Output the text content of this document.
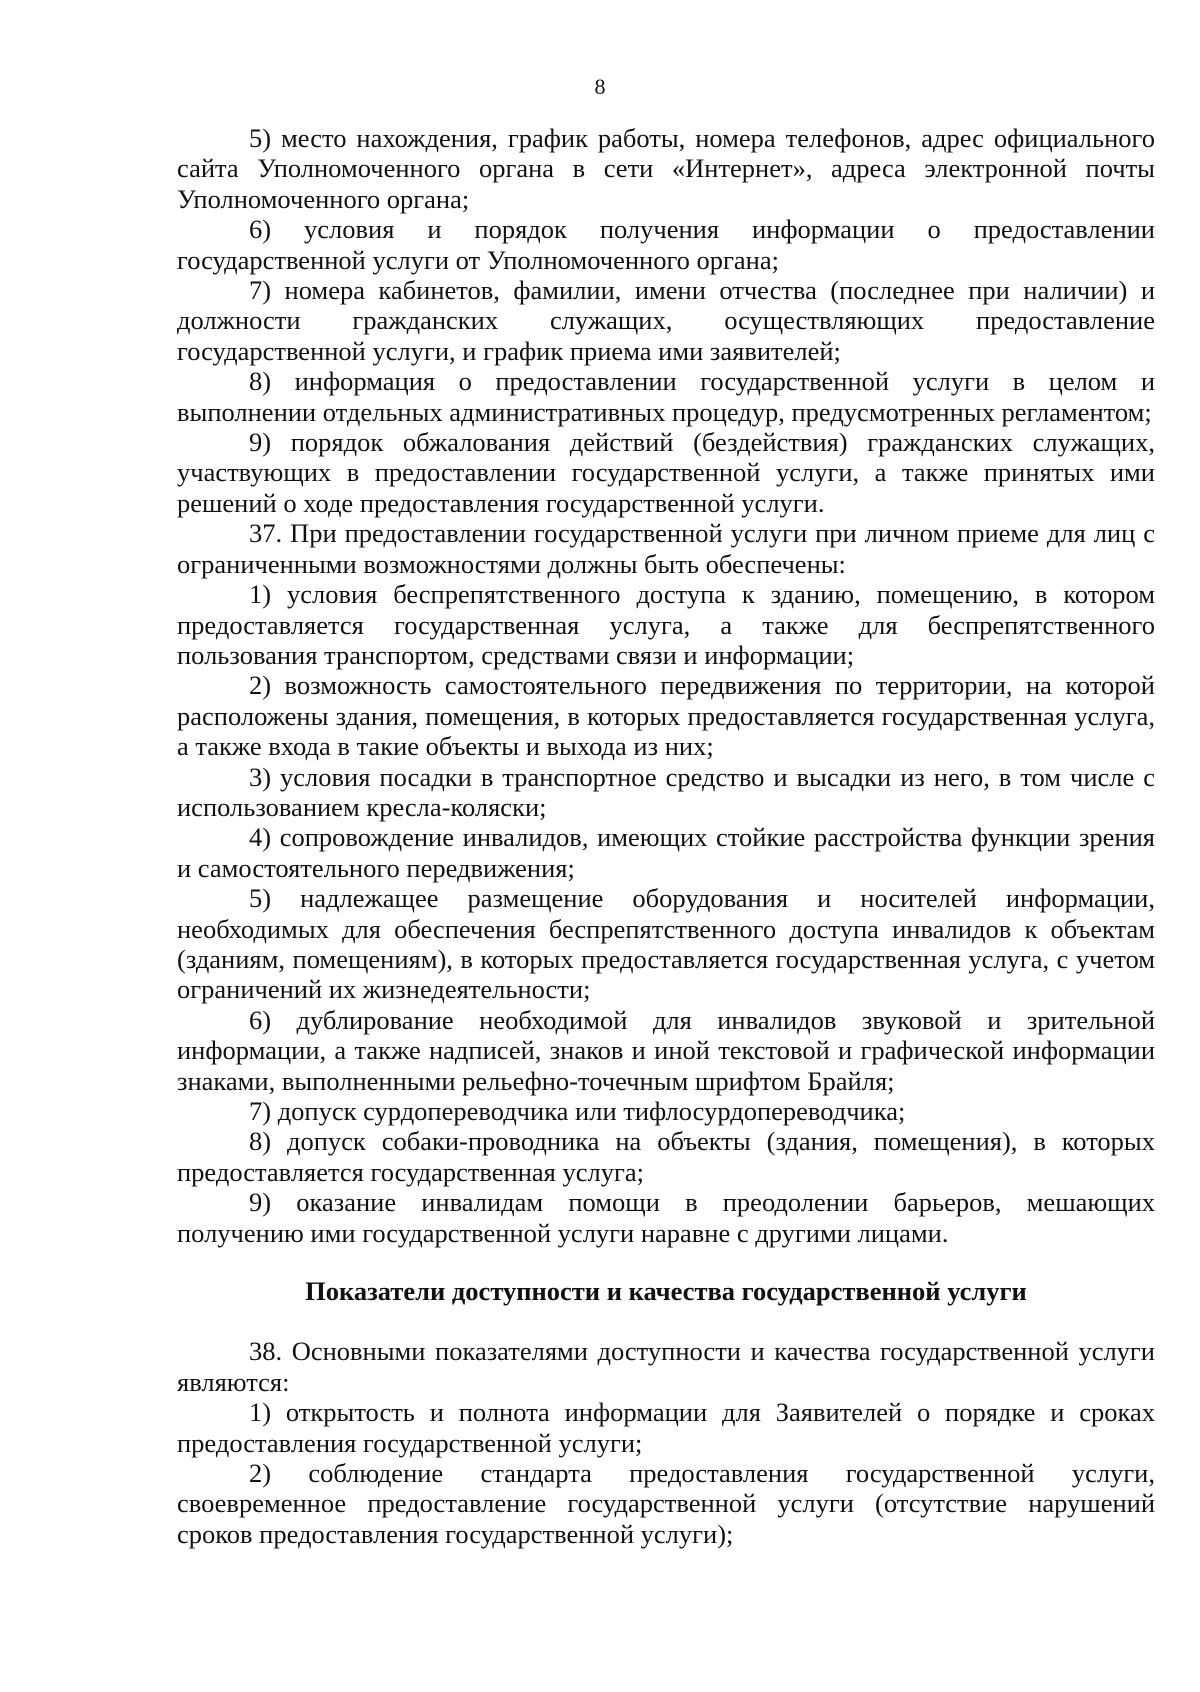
8

5) место нахождения, график работы, номера телефонов, адрес официального сайта Уполномоченного органа в сети «Интернет», адреса электронной почты Уполномоченного органа;

6) условия и порядок получения информации о предоставлении государственной услуги от Уполномоченного органа;

7) номера кабинетов, фамилии, имени отчества (последнее при наличии) и должности гражданских служащих, осуществляющих предоставление государственной услуги, и график приема ими заявителей;

8) информация о предоставлении государственной услуги в целом и выполнении отдельных административных процедур, предусмотренных регламентом;

9) порядок обжалования действий (бездействия) гражданских служащих, участвующих в предоставлении государственной услуги, а также принятых ими решений о ходе предоставления государственной услуги.

37. При предоставлении государственной услуги при личном приеме для лиц с ограниченными возможностями должны быть обеспечены:

1) условия беспрепятственного доступа к зданию, помещению, в котором предоставляется государственная услуга, а также для беспрепятственного пользования транспортом, средствами связи и информации;

2) возможность самостоятельного передвижения по территории, на которой расположены здания, помещения, в которых предоставляется государственная услуга, а также входа в такие объекты и выхода из них;

3) условия посадки в транспортное средство и высадки из него, в том числе с использованием кресла-коляски;

4) сопровождение инвалидов, имеющих стойкие расстройства функции зрения и самостоятельного передвижения;

5) надлежащее размещение оборудования и носителей информации, необходимых для обеспечения беспрепятственного доступа инвалидов к объектам (зданиям, помещениям), в которых предоставляется государственная услуга, с учетом ограничений их жизнедеятельности;

6) дублирование необходимой для инвалидов звуковой и зрительной информации, а также надписей, знаков и иной текстовой и графической информации знаками, выполненными рельефно-точечным шрифтом Брайля;

7) допуск сурдопереводчика или тифлосурдопереводчика;

8) допуск собаки-проводника на объекты (здания, помещения), в которых предоставляется государственная услуга;

9) оказание инвалидам помощи в преодолении барьеров, мешающих получению ими государственной услуги наравне с другими лицами.

Показатели доступности и качества государственной услуги

38. Основными показателями доступности и качества государственной услуги являются:

1) открытость и полнота информации для Заявителей о порядке и сроках предоставления государственной услуги;

2) соблюдение стандарта предоставления государственной услуги, своевременное предоставление государственной услуги (отсутствие нарушений сроков предоставления государственной услуги);
